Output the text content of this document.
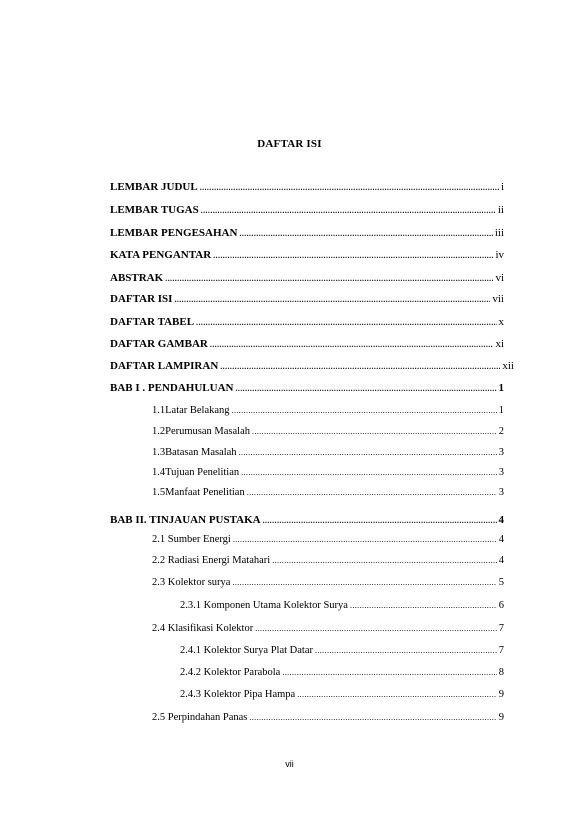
DAFTAR ISI
LEMBAR JUDUL .....	i
LEMBAR TUGAS .....	ii
LEMBAR PENGESAHAN .....	iii
KATA PENGANTAR .....	iv
ABSTRAK .....	vi
DAFTAR ISI .....	vii
DAFTAR TABEL .....	x
DAFTAR GAMBAR .....	xi
DAFTAR LAMPIRAN .....	xii
BAB I . PENDAHULUAN .....	1
1.1 Latar Belakang .....	1
1.2 Perumusan Masalah .....	2
1.3 Batasan Masalah .....	3
1.4 Tujuan Penelitian .....	3
1.5 Manfaat Penelitian .....	3
BAB II. TINJAUAN PUSTAKA .....	4
2.1 Sumber Energi .....	4
2.2 Radiasi Energi Matahari .....	4
2.3 Kolektor surya .....	5
2.3.1 Komponen Utama Kolektor Surya .....	6
2.4 Klasifikasi Kolektor .....	7
2.4.1 Kolektor Surya Plat Datar .....	7
2.4.2 Kolektor Parabola .....	8
2.4.3 Kolektor Pipa Hampa .....	9
2.5 Perpindahan Panas .....	9
vii
